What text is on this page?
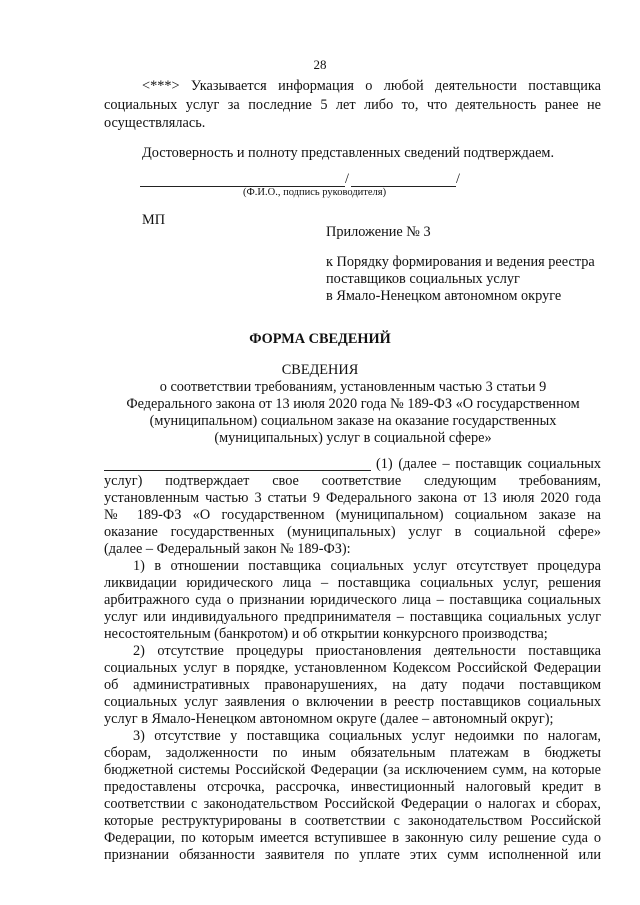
28
<***> Указывается информация о любой деятельности поставщика
социальных услуг за последние 5 лет либо то, что деятельность ранее не
осуществлялась.
Достоверность и полноту представленных сведений подтверждаем.
/	/
(Ф.И.О., подпись руководителя)
МП
Приложение № 3
к Порядку формирования и ведения реестра
поставщиков социальных услуг
в Ямало-Ненецком автономном округе
ФОРМА СВЕДЕНИЙ
СВЕДЕНИЯ
о соответствии требованиям, установленным частью 3 статьи 9
Федерального закона от 13 июля 2020 года № 189-ФЗ «О государственном
(муниципальном) социальном заказе на оказание государственных
(муниципальных) услуг в социальной сфере»
(1) (далее – поставщик социальных
услуг) подтверждает свое соответствие следующим требованиям,
установленным частью 3 статьи 9 Федерального закона от 13 июля 2020 года
№ 189-ФЗ «О государственном (муниципальном) социальном заказе на
оказание государственных (муниципальных) услуг в социальной сфере»
(далее – Федеральный закон № 189-ФЗ):
1) в отношении поставщика социальных услуг отсутствует процедура
ликвидации юридического лица – поставщика социальных услуг, решения
арбитражного суда о признании юридического лица – поставщика социальных
услуг или индивидуального предпринимателя – поставщика социальных услуг
несостоятельным (банкротом) и об открытии конкурсного производства;
2) отсутствие процедуры приостановления деятельности поставщика
социальных услуг в порядке, установленном Кодексом Российской Федерации
об административных правонарушениях, на дату подачи поставщиком
социальных услуг заявления о включении в реестр поставщиков социальных
услуг в Ямало-Ненецком автономном округе (далее – автономный округ);
3) отсутствие у поставщика социальных услуг недоимки по налогам,
сборам, задолженности по иным обязательным платежам в бюджеты
бюджетной системы Российской Федерации (за исключением сумм, на которые
предоставлены отсрочка, рассрочка, инвестиционный налоговый кредит в
соответствии с законодательством Российской Федерации о налогах и сборах,
которые реструктурированы в соответствии с законодательством Российской
Федерации, по которым имеется вступившее в законную силу решение суда о
признании обязанности заявителя по уплате этих сумм исполненной или
